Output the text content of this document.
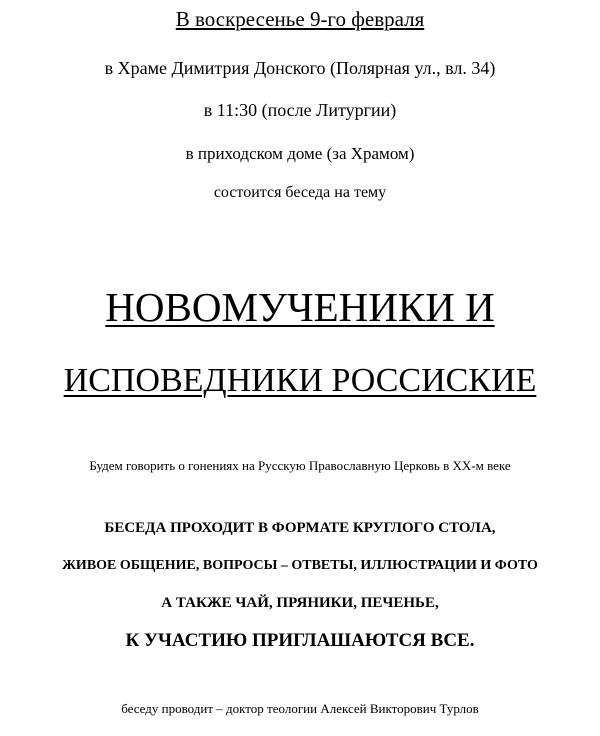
В воскресенье 9-го февраля
в Храме Димитрия Донского (Полярная ул., вл. 34)
в 11:30 (после Литургии)
в приходском доме (за Храмом)
состоится беседа на тему
НОВОМУЧЕНИКИ И
ИСПОВЕДНИКИ РОССИСКИЕ
Будем говорить о гонениях на Русскую Православную Церковь в ХХ-м веке
БЕСЕДА ПРОХОДИТ В ФОРМАТЕ КРУГЛОГО СТОЛА,
ЖИВОЕ ОБЩЕНИЕ, ВОПРОСЫ – ОТВЕТЫ, ИЛЛЮСТРАЦИИ И ФОТО
А ТАКЖЕ ЧАЙ, ПРЯНИКИ, ПЕЧЕНЬЕ,
К УЧАСТИЮ ПРИГЛАШАЮТСЯ ВСЕ.
беседу проводит – доктор теологии Алексей Викторович Турлов
